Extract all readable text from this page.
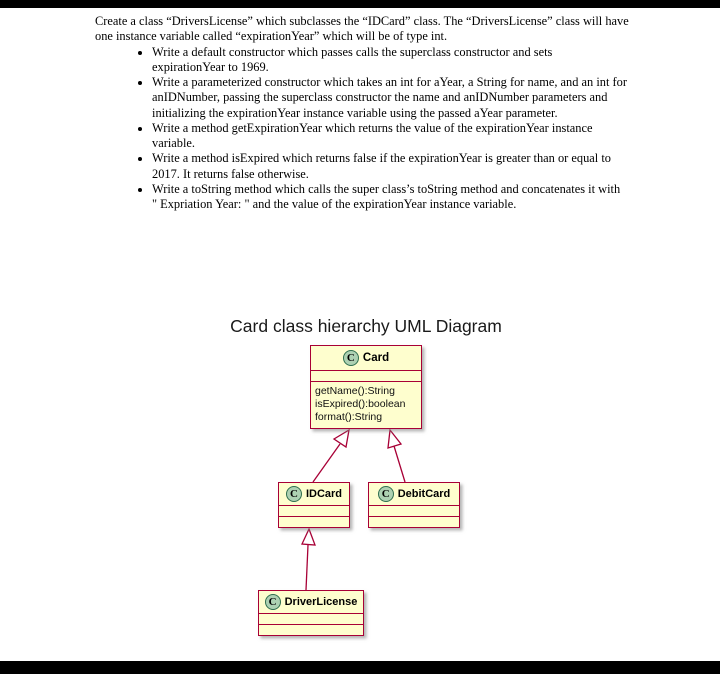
Create a class “DriversLicense” which subclasses the “IDCard” class. The “DriversLicense” class will have one instance variable called “expirationYear” which will be of type int.

• Write a default constructor which passes calls the superclass constructor and sets expirationYear to 1969.
• Write a parameterized constructor which takes an int for aYear, a String for name, and an int for anIDNumber, passing the superclass constructor the name and anIDNumber parameters and initializing the expirationYear instance variable using the passed aYear parameter.
• Write a method getExpirationYear which returns the value of the expirationYear instance variable.
• Write a method isExpired which returns false if the expirationYear is greater than or equal to 2017. It returns false otherwise.
• Write a toString method which calls the super class’s toString method and concatenates it with " Expriation Year: " and the value of the expirationYear instance variable.
Card class hierarchy UML Diagram
C Card
getName():String
isExpired():boolean
format():String
C IDCard	C DebitCard
C DriverLicense
